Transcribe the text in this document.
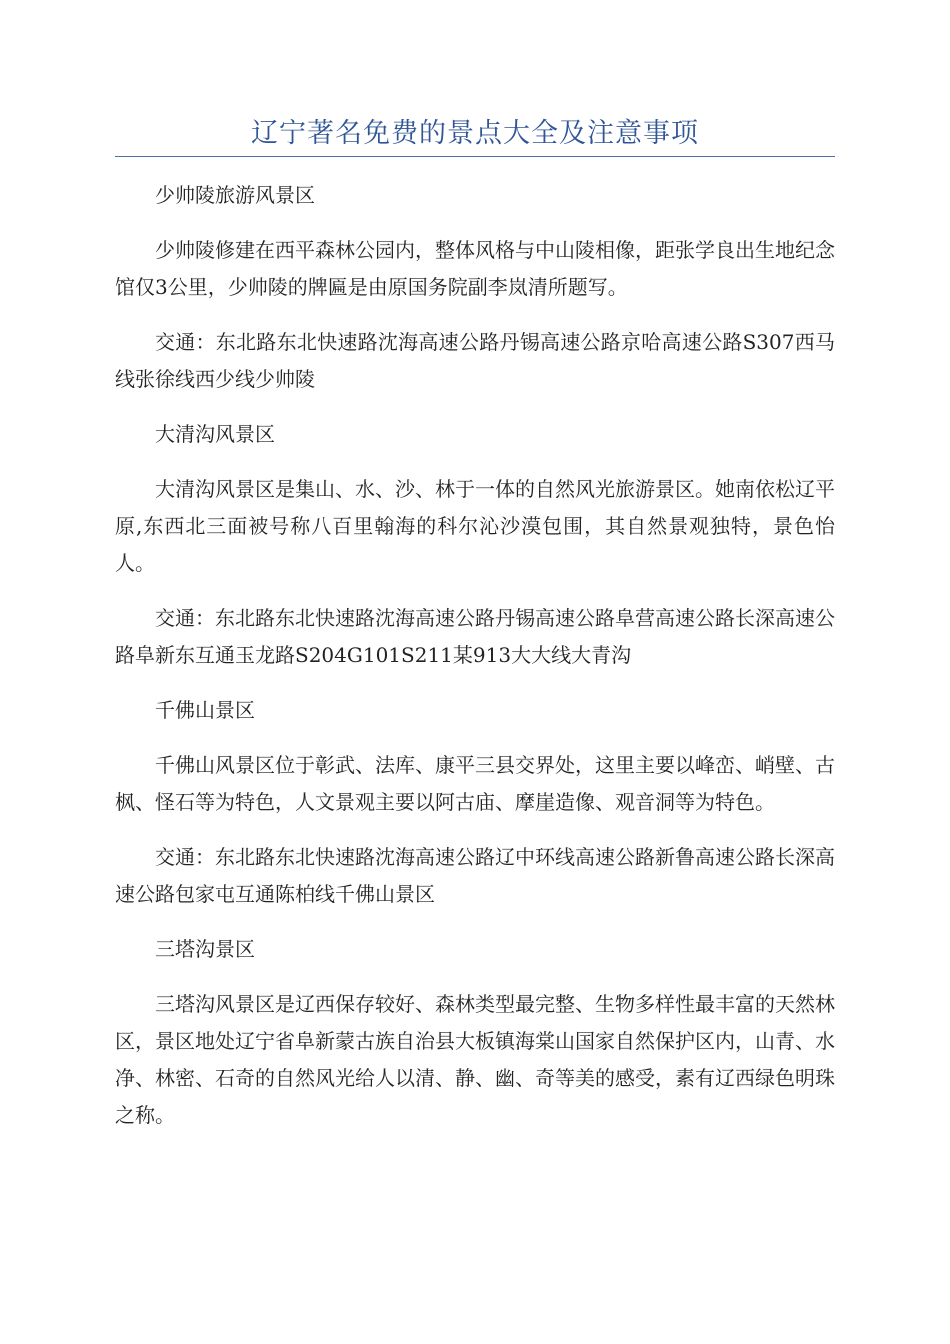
辽宁著名免费的景点大全及注意事项

少帅陵旅游风景区

少帅陵修建在西平森林公园内，整体风格与中山陵相像，距张学良出生地纪念馆仅3公里，少帅陵的牌匾是由原国务院副李岚清所题写。

交通：东北路东北快速路沈海高速公路丹锡高速公路京哈高速公路S307西马线张徐线西少线少帅陵

大清沟风景区

大清沟风景区是集山、水、沙、林于一体的自然风光旅游景区。她南依松辽平原,东西北三面被号称八百里翰海的科尔沁沙漠包围，其自然景观独特，景色怡人。

交通：东北路东北快速路沈海高速公路丹锡高速公路阜营高速公路长深高速公路阜新东互通玉龙路S204G101S211某913大大线大青沟

千佛山景区

千佛山风景区位于彰武、法库、康平三县交界处，这里主要以峰峦、峭壁、古枫、怪石等为特色，人文景观主要以阿古庙、摩崖造像、观音洞等为特色。

交通：东北路东北快速路沈海高速公路辽中环线高速公路新鲁高速公路长深高速公路包家屯互通陈柏线千佛山景区

三塔沟景区

三塔沟风景区是辽西保存较好、森林类型最完整、生物多样性最丰富的天然林区，景区地处辽宁省阜新蒙古族自治县大板镇海棠山国家自然保护区内，山青、水净、林密、石奇的自然风光给人以清、静、幽、奇等美的感受，素有辽西绿色明珠之称。
